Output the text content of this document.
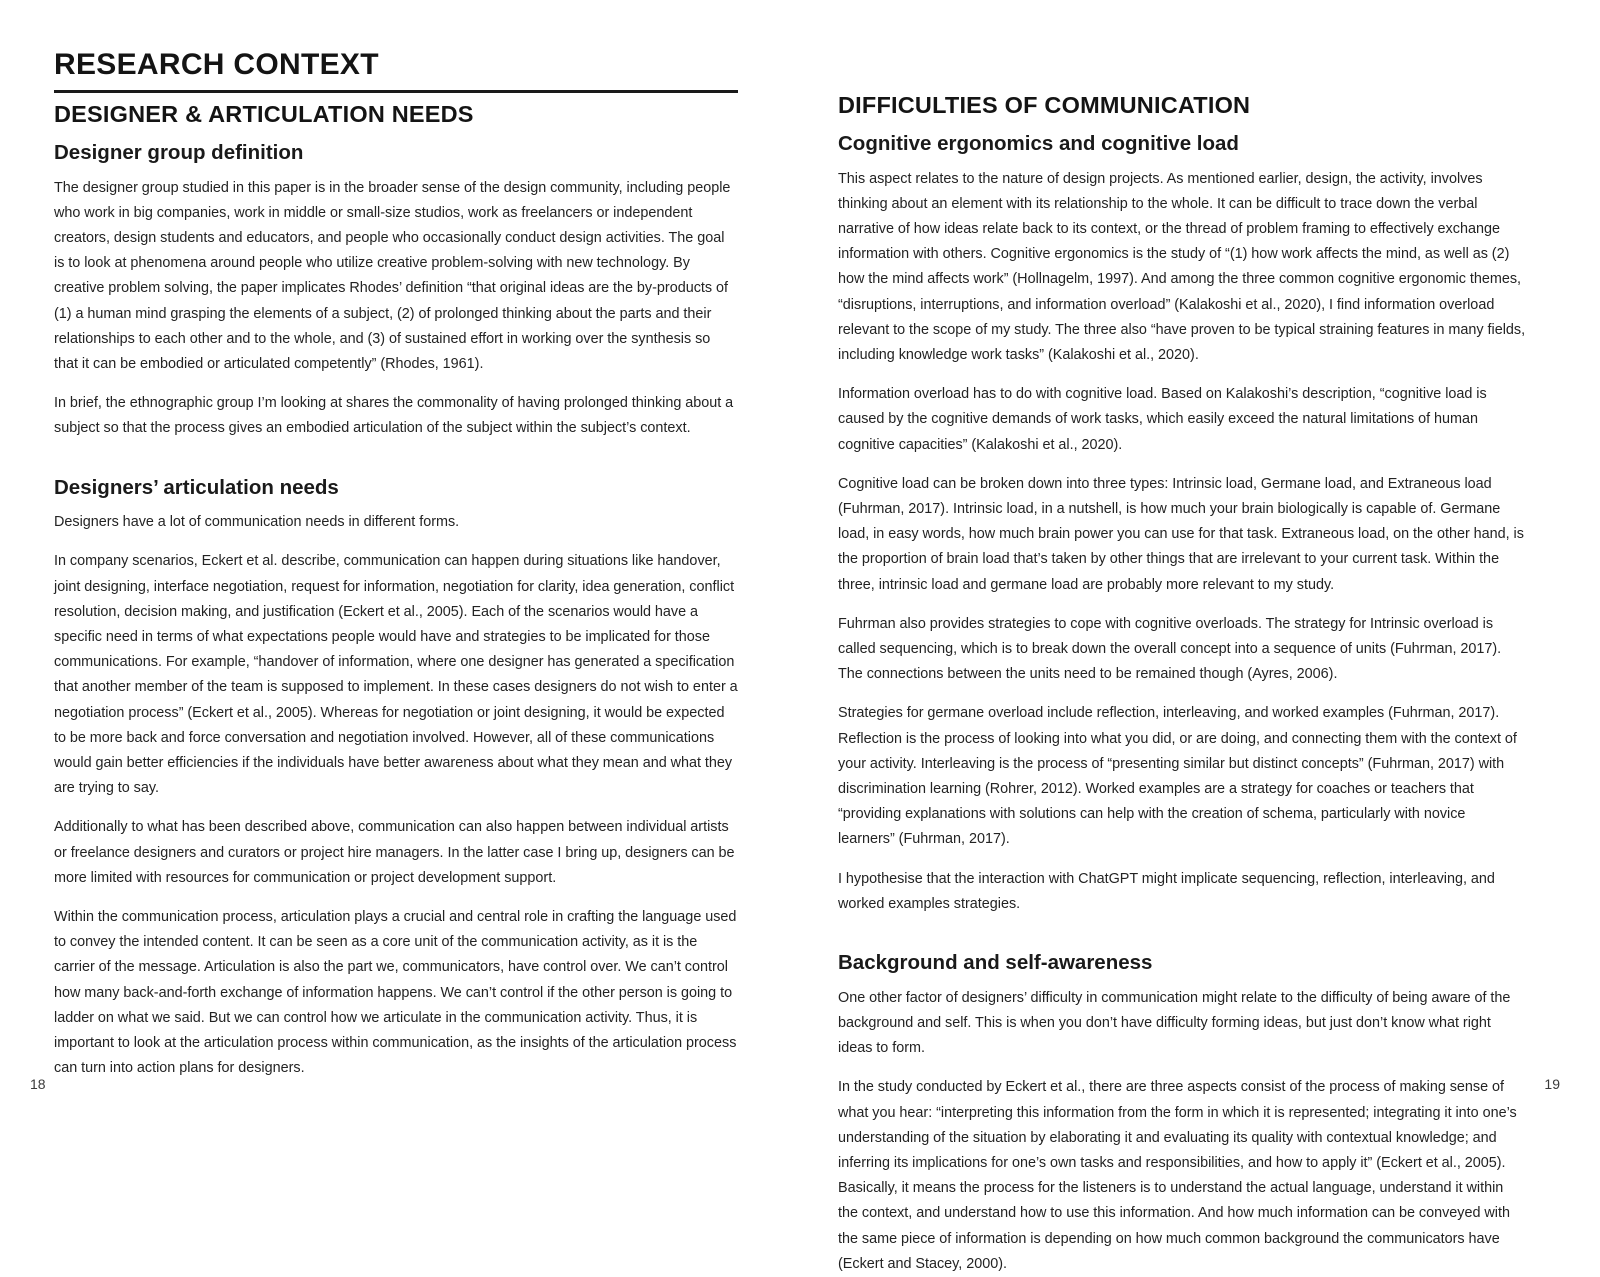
RESEARCH CONTEXT
DESIGNER & ARTICULATION NEEDS
Designer group definition

The designer group studied in this paper is in the broader sense of the design community, including people who work in big companies, work in middle or small-size studios, work as freelancers or independent creators, design students and educators, and people who occasionally conduct design activities. The goal is to look at phenomena around people who utilize creative problem-solving with new technology. By creative problem solving, the paper implicates Rhodes’ definition “that original ideas are the by-products of (1) a human mind grasping the elements of a subject, (2) of prolonged thinking about the parts and their relationships to each other and to the whole, and (3) of sustained effort in working over the synthesis so that it can be embodied or articulated competently” (Rhodes, 1961).

In brief, the ethnographic group I’m looking at shares the commonality of having prolonged thinking about a subject so that the process gives an embodied articulation of the subject within the subject’s context.

Designers’ articulation needs

Designers have a lot of communication needs in different forms.

In company scenarios, Eckert et al. describe, communication can happen during situations like handover, joint designing, interface negotiation, request for information, negotiation for clarity, idea generation, conflict resolution, decision making, and justification (Eckert et al., 2005). Each of the scenarios would have a specific need in terms of what expectations people would have and strategies to be implicated for those communications. For example, “handover of information, where one designer has generated a specification that another member of the team is supposed to implement. In these cases designers do not wish to enter a negotiation process” (Eckert et al., 2005). Whereas for negotiation or joint designing, it would be expected to be more back and force conversation and negotiation involved. However, all of these communications would gain better efficiencies if the individuals have better awareness about what they mean and what they are trying to say.

Additionally to what has been described above, communication can also happen between individual artists or freelance designers and curators or project hire managers. In the latter case I bring up, designers can be more limited with resources for communication or project development support.

Within the communication process, articulation plays a crucial and central role in crafting the language used to convey the intended content. It can be seen as a core unit of the communication activity, as it is the carrier of the message. Articulation is also the part we, communicators, have control over. We can’t control how many back-and-forth exchange of information happens. We can’t control if the other person is going to ladder on what we said. But we can control how we articulate in the communication activity. Thus, it is important to look at the articulation process within communication, as the insights of the articulation process can turn into action plans for designers.

18
DIFFICULTIES OF COMMUNICATION
Cognitive ergonomics and cognitive load

This aspect relates to the nature of design projects. As mentioned earlier, design, the activity, involves thinking about an element with its relationship to the whole. It can be difficult to trace down the verbal narrative of how ideas relate back to its context, or the thread of problem framing to effectively exchange information with others. Cognitive ergonomics is the study of “(1) how work affects the mind, as well as (2) how the mind affects work” (Hollnagelm, 1997). And among the three common cognitive ergonomic themes, “disruptions, interruptions, and information overload” (Kalakoshi et al., 2020), I find information overload relevant to the scope of my study. The three also “have proven to be typical straining features in many fields, including knowledge work tasks” (Kalakoshi et al., 2020).

Information overload has to do with cognitive load. Based on Kalakoshi’s description, “cognitive load is caused by the cognitive demands of work tasks, which easily exceed the natural limitations of human cognitive capacities” (Kalakoshi et al., 2020).

Cognitive load can be broken down into three types: Intrinsic load, Germane load, and Extraneous load (Fuhrman, 2017). Intrinsic load, in a nutshell, is how much your brain biologically is capable of. Germane load, in easy words, how much brain power you can use for that task. Extraneous load, on the other hand, is the proportion of brain load that’s taken by other things that are irrelevant to your current task. Within the three, intrinsic load and germane load are probably more relevant to my study.

Fuhrman also provides strategies to cope with cognitive overloads. The strategy for Intrinsic overload is called sequencing, which is to break down the overall concept into a sequence of units (Fuhrman, 2017). The connections between the units need to be remained though (Ayres, 2006).

Strategies for germane overload include reflection, interleaving, and worked examples (Fuhrman, 2017). Reflection is the process of looking into what you did, or are doing, and connecting them with the context of your activity. Interleaving is the process of “presenting similar but distinct concepts” (Fuhrman, 2017) with discrimination learning (Rohrer, 2012). Worked examples are a strategy for coaches or teachers that “providing explanations with solutions can help with the creation of schema, particularly with novice learners” (Fuhrman, 2017).

I hypothesise that the interaction with ChatGPT might implicate sequencing, reflection, interleaving, and worked examples strategies.

Background and self-awareness

One other factor of designers’ difficulty in communication might relate to the difficulty of being aware of the background and self. This is when you don’t have difficulty forming ideas, but just don’t know what right ideas to form.

In the study conducted by Eckert et al., there are three aspects consist of the process of making sense of what you hear: “interpreting this information from the form in which it is represented; integrating it into one’s understanding of the situation by elaborating it and evaluating its quality with contextual knowledge; and inferring its implications for one’s own tasks and responsibilities, and how to apply it” (Eckert et al., 2005). Basically, it means the process for the listeners is to understand the actual language, understand it within the context, and understand how to use this information. And how much information can be conveyed with the same piece of information is depending on how much common background the communicators have (Eckert and Stacey, 2000).

19
